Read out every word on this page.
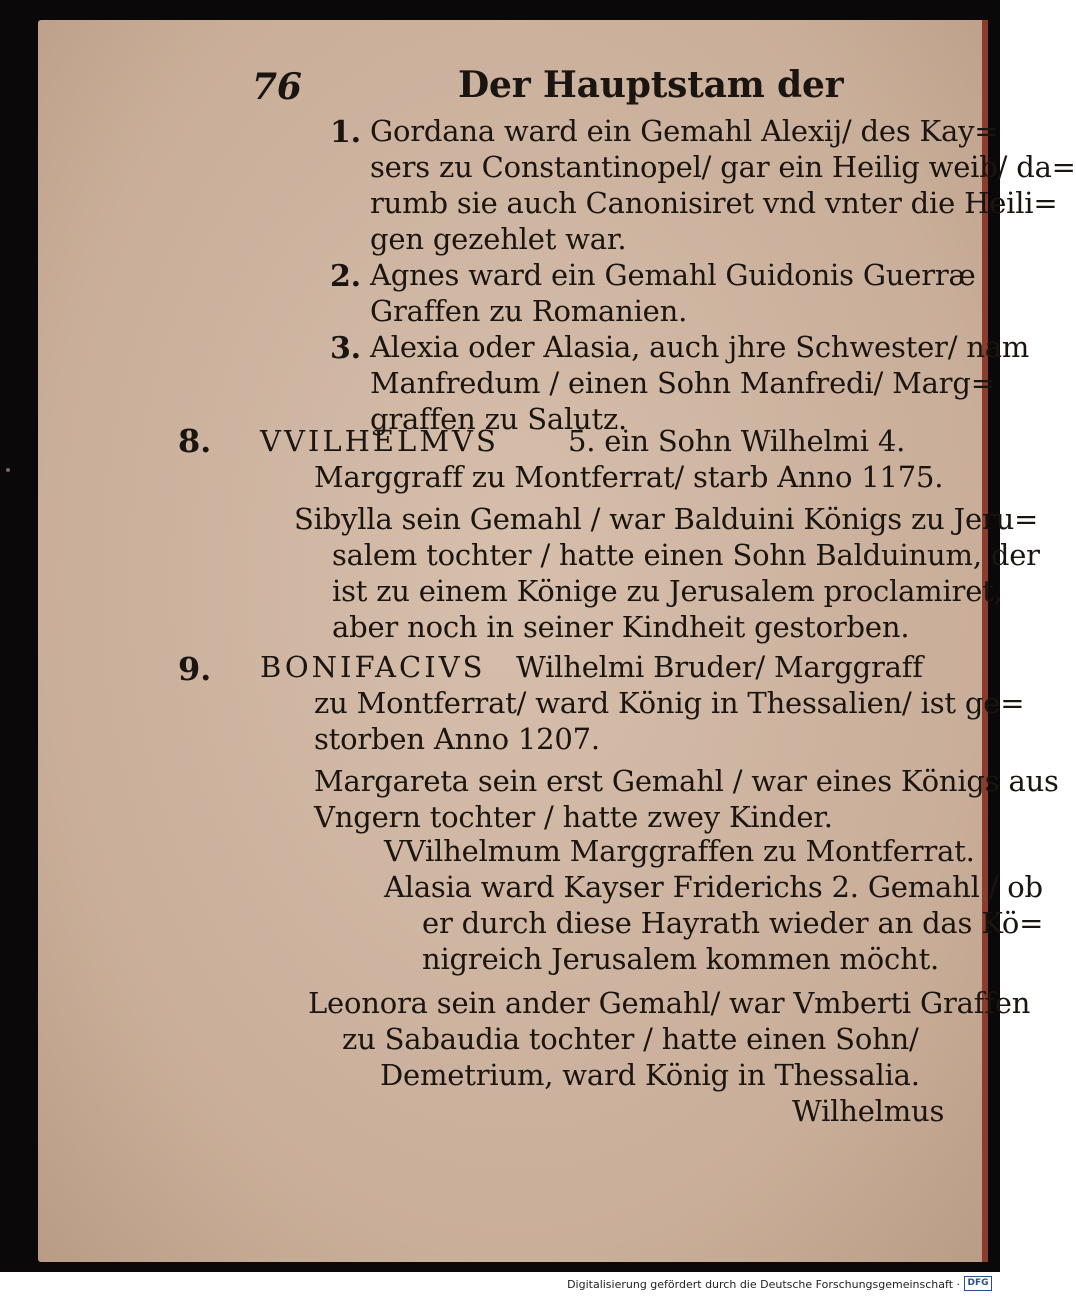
76	Der Hauptstam der
1. Gordana ward ein Gemahl Alexij/ des Kay=
sers zu Constantinopel/ gar ein Heilig weib/ da=
rumb sie auch Canonisiret vnd vnter die Heili=
gen gezehlet war.
2. Agnes ward ein Gemahl Guidonis Guerræ
Graffen zu Romanien.
3. Alexia oder Alasia, auch jhre Schwester/ nam
Manfredum / einen Sohn Manfredi/ Marg=
graffen zu Salutz.
8. VVILHELMVS 5. ein Sohn Wilhelmi 4.
Marggraff zu Montferrat/ starb Anno 1175.
Sibylla sein Gemahl / war Balduini Königs zu Jeru=
salem tochter / hatte einen Sohn Balduinum, der
ist zu einem Könige zu Jerusalem proclamiret,
aber noch in seiner Kindheit gestorben.
9. BONIFACIVS Wilhelmi Bruder/ Marggraff
zu Montferrat/ ward König in Thessalien/ ist ge=
storben Anno 1207.
Margareta sein erst Gemahl / war eines Königs aus
Vngern tochter / hatte zwey Kinder.
VVilhelmum Marggraffen zu Montferrat.
Alasia ward Kayser Friderichs 2. Gemahl / ob
er durch diese Hayrath wieder an das Kö=
nigreich Jerusalem kommen möcht.
Leonora sein ander Gemahl/ war Vmberti Graffen
zu Sabaudia tochter / hatte einen Sohn/
Demetrium, ward König in Thessalia.
Wilhelmus
Digitalisierung gefördert durch die Deutsche Forschungsgemeinschaft · DFG
